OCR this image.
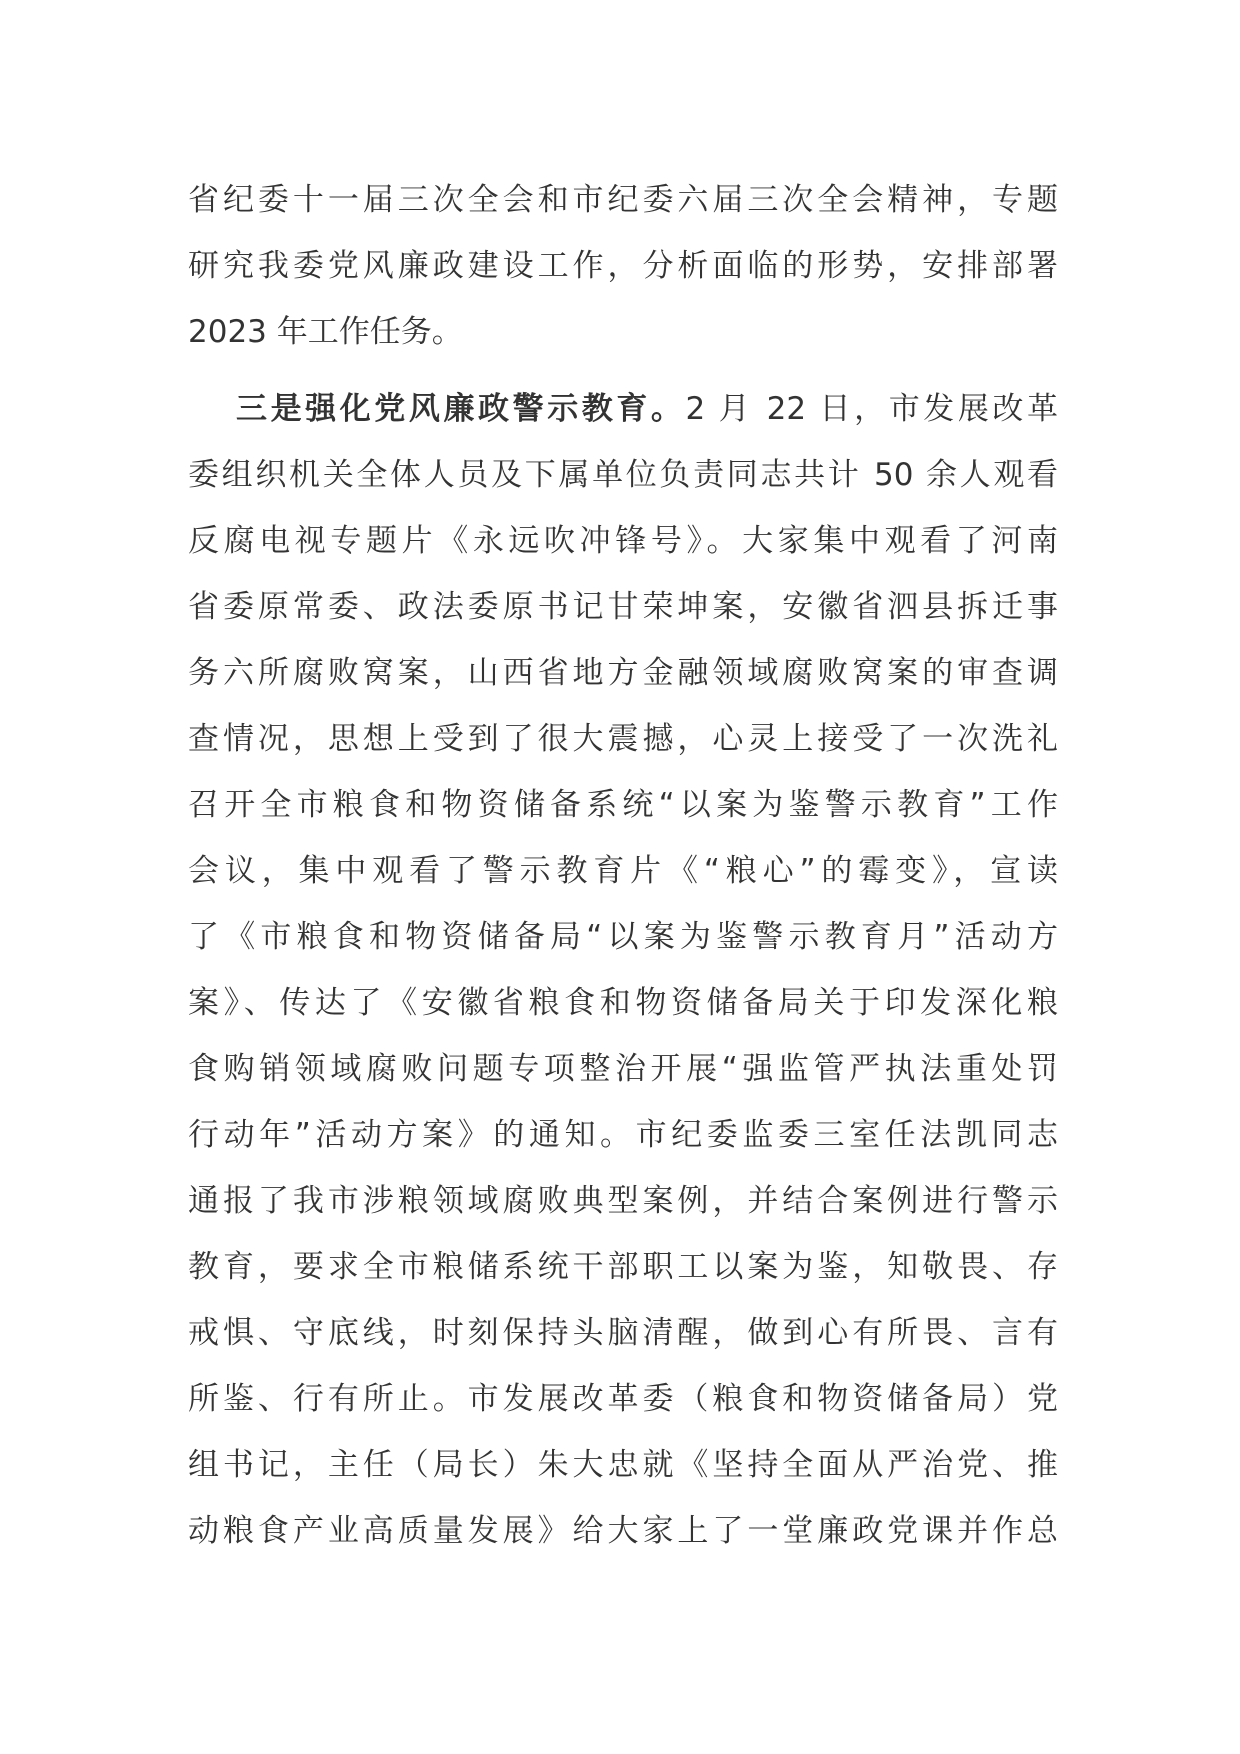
省纪委十一届三次全会和市纪委六届三次全会精神，专题
研究我委党风廉政建设工作，分析面临的形势，安排部署
2023 年工作任务。
三是强化党风廉政警示教育。2 月 22 日，市发展改革
委组织机关全体人员及下属单位负责同志共计 50 余人观看
反腐电视专题片《永远吹冲锋号》。大家集中观看了河南
省委原常委、政法委原书记甘荣坤案，安徽省泗县拆迁事
务六所腐败窝案，山西省地方金融领域腐败窝案的审查调
查情况，思想上受到了很大震撼，心灵上接受了一次洗礼
召开全市粮食和物资储备系统“以案为鉴警示教育”工作
会议，集中观看了警示教育片《“粮心”的霉变》，宣读
了《市粮食和物资储备局“以案为鉴警示教育月”活动方
案》、传达了《安徽省粮食和物资储备局关于印发深化粮
食购销领域腐败问题专项整治开展“强监管严执法重处罚
行动年”活动方案》的通知。市纪委监委三室任法凯同志
通报了我市涉粮领域腐败典型案例，并结合案例进行警示
教育，要求全市粮储系统干部职工以案为鉴，知敬畏、存
戒惧、守底线，时刻保持头脑清醒，做到心有所畏、言有
所鉴、行有所止。市发展改革委（粮食和物资储备局）党
组书记，主任（局长）朱大忠就《坚持全面从严治党、推
动粮食产业高质量发展》给大家上了一堂廉政党课并作总
